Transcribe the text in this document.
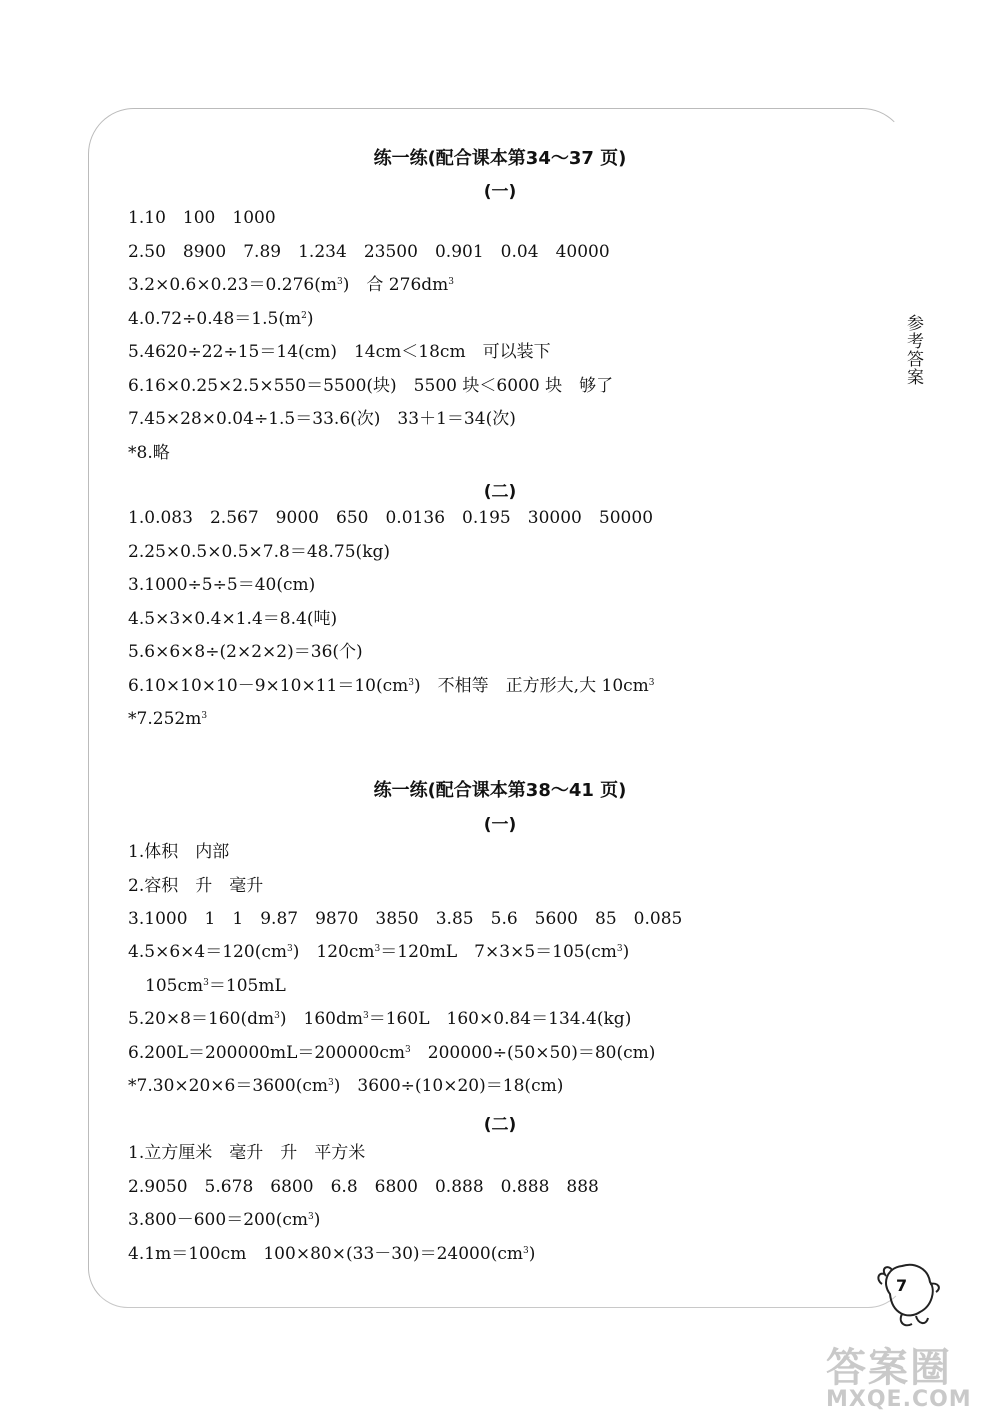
参考答案
练一练(配合课本第34～37 页)
(一)
1.10　 100　 1000
2.50　 8900　 7.89　 1.234　 23500　 0.901　 0.04　 40000
$3.2\times 0.6\times 0.23=0.276(m^3)$　 合 $276dm^3$
$4.0.72\div 0.48=1.5(m^2)$
5.4620÷22÷15＝14(cm)　 14cm＜18cm　 可以装下
6.16×0.25×2.5×550＝5500(块)　 5500 块＜6000 块　 够了
7.45×28×0.04÷1.5＝33.6(次)　 33＋1＝34(次)
*8.略
(二)
1.0.083　 2.567　 9000　 650　 0.0136　 0.195　 30000　 50000
2.25×0.5×0.5×7.8＝48.75(kg)
3.1000÷5÷5＝40(cm)
4.5×3×0.4×1.4＝8.4(吨)
5.6×6×8÷(2×2×2)＝36(个)
$6.10\times 10\times 10-9\times 10\times 11=10(cm^3)$　 不相等　 正方形大,大 $10cm^3$
$*7.252m^3$
练一练(配合课本第38～41 页)
(一)
1.体积　 内部
2.容积　 升　 毫升
3.1000　 1　 1　 9.87　 9870　 3850　 3.85　 5.6　 5600　 85　 0.085
$4.5\times 6\times 4=120(cm^3)$　 $120cm^3=120mL$　 $7\times 3\times 5=105(cm^3)$
　$105cm^3=105mL$
$5.20\times 8=160(dm^3)$　 $160dm^3=160L$　 160×0.84＝134.4(kg)
$6.200L=200000mL=200000cm^3$　 200000÷(50×50)＝80(cm)
$*7.30\times 20\times 6=3600(cm^3)$　 3600÷(10×20)＝18(cm)
(二)
1.立方厘米　 毫升　 升　 平方米
2.9050　 5.678　 6800　 6.8　 6800　 0.888　 0.888　 888
$3.800-600=200(cm^3)$
4.1m＝100cm　 $100\times 80\times(33-30)=24000(cm^3)$
7
答案圈
MXQE.COM
